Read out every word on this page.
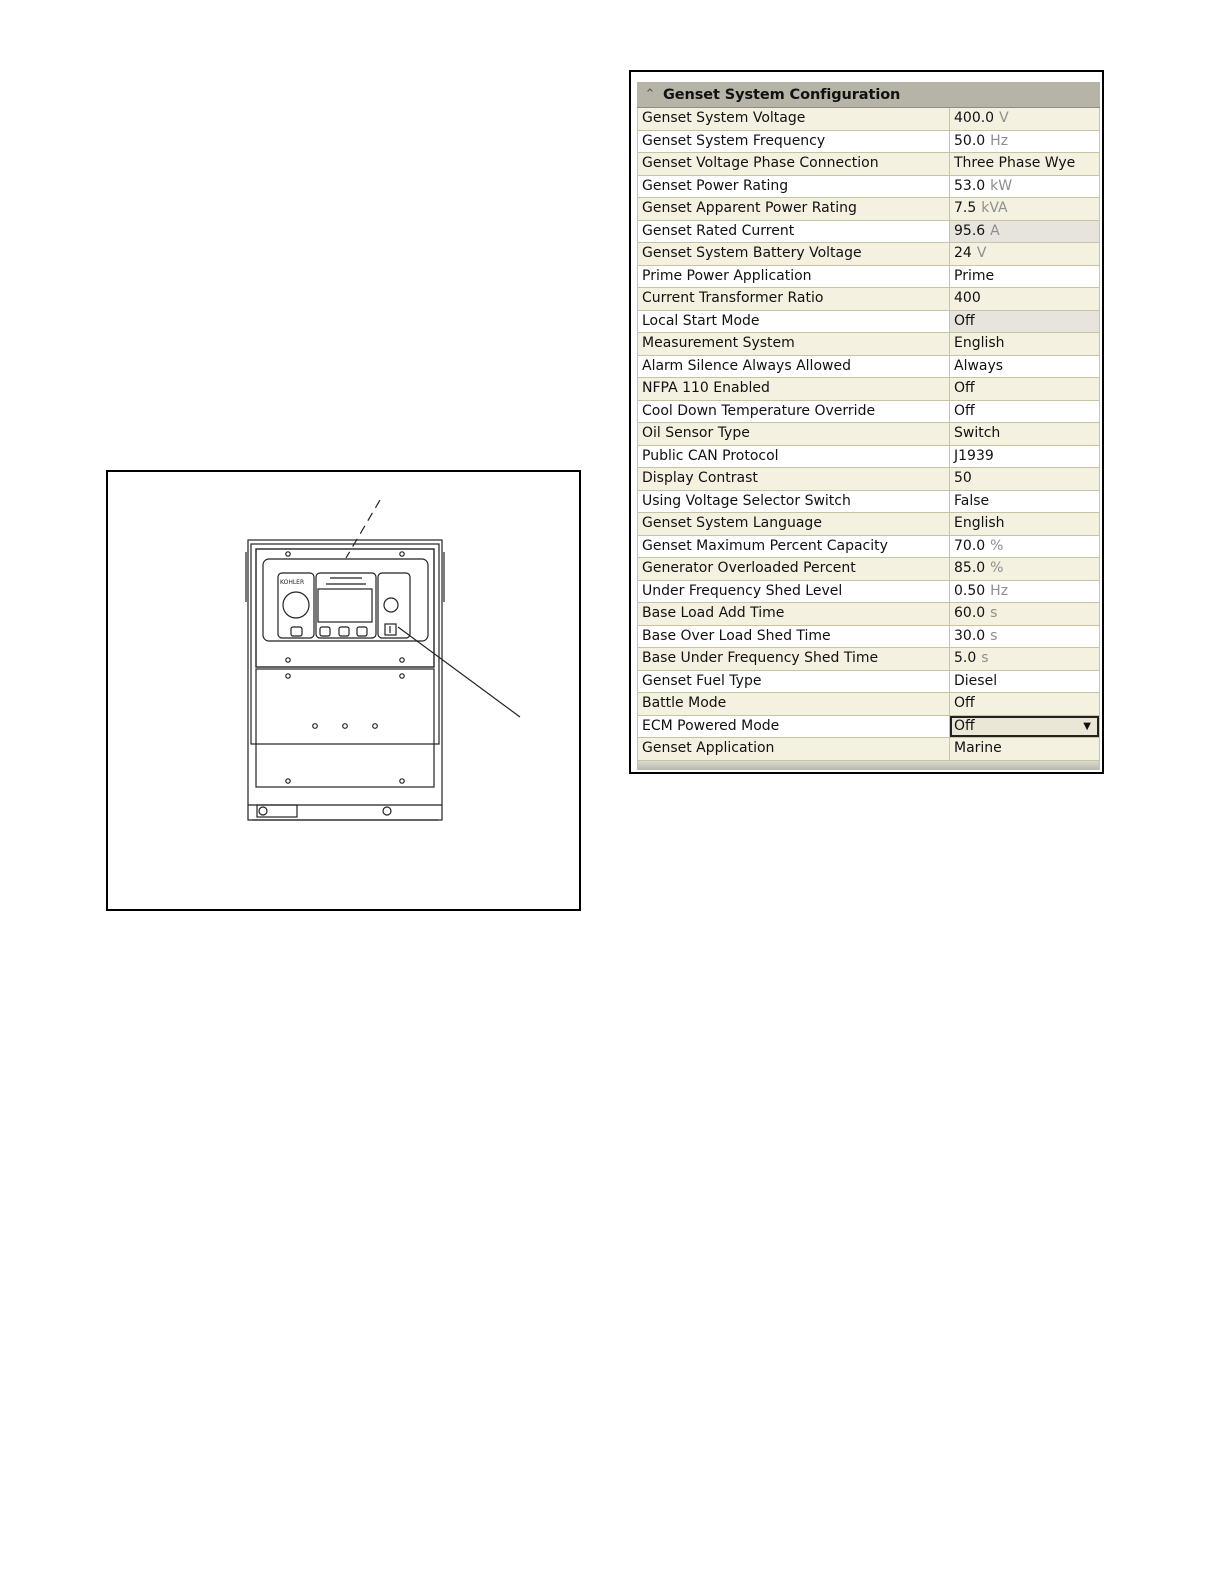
KOHLER
⌃ Genset System Configuration
Genset System Voltage	400.0 V
Genset System Frequency	50.0 Hz
Genset Voltage Phase Connection	Three Phase Wye
Genset Power Rating	53.0 kW
Genset Apparent Power Rating	7.5 kVA
Genset Rated Current	95.6 A
Genset System Battery Voltage	24 V
Prime Power Application	Prime
Current Transformer Ratio	400
Local Start Mode	Off
Measurement System	English
Alarm Silence Always Allowed	Always
NFPA 110 Enabled	Off
Cool Down Temperature Override	Off
Oil Sensor Type	Switch
Public CAN Protocol	J1939
Display Contrast	50
Using Voltage Selector Switch	False
Genset System Language	English
Genset Maximum Percent Capacity	70.0 %
Generator Overloaded Percent	85.0 %
Under Frequency Shed Level	0.50 Hz
Base Load Add Time	60.0 s
Base Over Load Shed Time	30.0 s
Base Under Frequency Shed Time	5.0 s
Genset Fuel Type	Diesel
Battle Mode	Off
ECM Powered Mode	Off	▼
Genset Application	Marine
